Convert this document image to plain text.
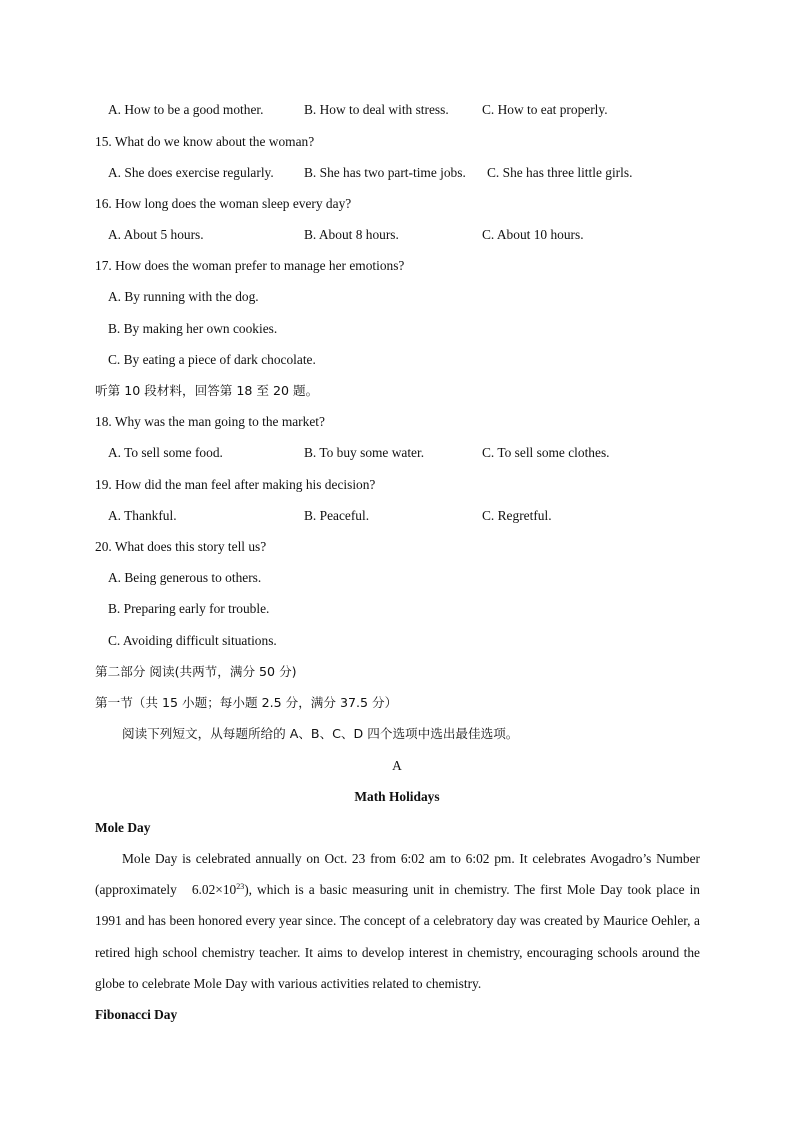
A. How to be a good mother.	B. How to deal with stress. C. How to eat properly.
15. What do we know about the woman?
A. She does exercise regularly. B. She has two part-time jobs. C. She has three little girls.
16. How long does the woman sleep every day?
A. About 5 hours.	B. About 8 hours.	C. About 10 hours.
17. How does the woman prefer to manage her emotions?
A. By running with the dog.
B. By making her own cookies.
C. By eating a piece of dark chocolate.
听第 10 段材料，回答第 18 至 20 题。
18. Why was the man going to the market?
A. To sell some food.	B. To buy some water.	C. To sell some clothes.
19. How did the man feel after making his decision?
A. Thankful.	B. Peaceful.	C. Regretful.
20. What does this story tell us?
A. Being generous to others.
B. Preparing early for trouble.
C. Avoiding difficult situations.
第二部分 阅读(共两节，满分 50 分)
第一节（共 15 小题；每小题 2.5 分，满分 37.5 分）
阅读下列短文，从每题所给的 A、B、C、D 四个选项中选出最佳选项。
A
Math Holidays
Mole Day
Mole Day is celebrated annually on Oct. 23 from 6:02 am to 6:02 pm. It celebrates Avogadro’s Number (approximately $6.02\times 10^{23}$), which is a basic measuring unit in chemistry. The first Mole Day took place in 1991 and has been honored every year since. The concept of a celebratory day was created by Maurice Oehler, a retired high school chemistry teacher. It aims to develop interest in chemistry, encouraging schools around the globe to celebrate Mole Day with various activities related to chemistry.
Fibonacci Day
